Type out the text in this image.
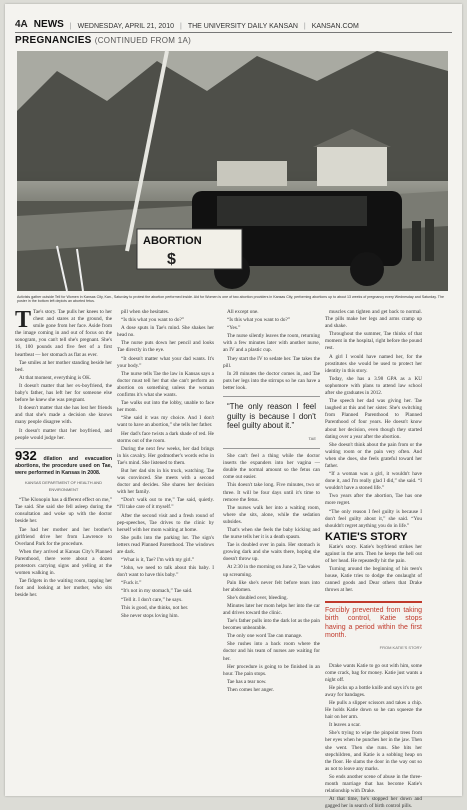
4A NEWS | WEDNESDAY, APRIL 21, 2010 | THE UNIVERSITY DAILY KANSAN | KANSAN.COM
PREGNANCIES (CONTINUED FROM 1A)
ABORTION
$
Activists gather outside Tell for Women in Kansas City, Kan., Saturday to protest the abortion performed inside. Aid for Women is one of two abortion providers in Kansas City, performing abortions up to about 13 weeks of pregnancy every Wednesday and Saturday. The poster in the bottom left depicts an aborted fetus.

T Tae's story. Tae pulls her knees to her chest and stares at the ground, the smile gone from her face. Aside from the image coming in and out of focus on the sonogram, you can't tell she's pregnant. She's 16, 100 pounds and five feet of a first heartbeat — her stomach as flat as ever.

Tae smiles at her mother standing beside her bed.

At that moment, everything is OK.

It doesn't matter that her ex-boyfriend, the baby's father, has left her for someone else before he knew she was pregnant.

It doesn't matter that she has lost her friends and that she's made a decision she knows many people disagree with.

It doesn't matter that her boyfriend, and people would judge her.

932 dilation and evacuation abortions, the procedure used on Tae, were performed in Kansas in 2008.
KANSAS DEPARTMENT OF HEALTH AND ENVIRONMENT

“The Klonopin has a different effect on me,” Tae said. She said she fell asleep during the consultation and woke up with the doctor beside her.

Tae had her mother and her brother's girlfriend drive her from Lawrence to Overland Park for the procedure.

When they arrived at Kansas City's Planned Parenthood, there were about a dozen protestors carrying signs and yelling at the women walking in.

Tae fidgets in the waiting room, tapping her foot and looking at her mother, who sits beside her.

pill when she hesitates.

“Is this what you want to do?”

A dose sputs in Tae's mind. She shakes her head no.

The nurse puts down her pencil and looks Tae directly in the eye.

“It doesn't matter what your dad wants. It's your body.”

The nurse tells Tae the law in Kansas says a doctor must tell her that she can't perform an abortion on something unless the woman confirms it's what she wants.

Tae walks out into the lobby, unable to face her mom.

“She said it was my choice. And I don't want to have an abortion,” she tells her father.

Her dad's face twists a dark shade of red. He storms out of the room.

During the next few weeks, her dad brings in his cavalry. Her godmother's words echo in Tae's mind. She listened to them.

But her dad sits in his truck, watching. Tae was convinced. She meets with a second doctor and decides. She shares her decision with her family.

“Don't walk out to me,” Tae said, quietly. “I'll take care of it myself.”

After the second visit and a fresh round of pep-speeches, Tae drives to the clinic by herself with her mom waiting at home.

She pulls into the parking lot. The sign's letters read Planned Parenthood. The windows are dark.

“What is it, Tae? I'm with my girl.”

“John, we need to talk about this baby. I don't want to have this baby.”

“Fuck it.”

“It's not in my stomach,” Tae said.

“Tell it. I don't care,” he says.

This is good, she thinks, not her.

She never stops loving him.

All except one.

“Is this what you want to do?”

“Yes.”

The nurse silently leaves the room, returning with a few minutes later with another nurse, an IV and a plastic cup.

They start the IV to sedate her. Tae takes the pill.

In 20 minutes the doctor comes in, and Tae puts her legs into the stirrups so he can have a better look.

“The only reason I feel guilty is because I don't feel guilty about it.”
TAE

She can't feel a thing while the doctor inserts the expanders into her vagina — double the normal amount so the fetus can come out easier.

This doesn't take long. Five minutes, two or three. It will be four days until it's time to remove the fetus.

The nurses walk her into a waiting room, where she sits, alone, while the sedation subsides.

That's when she feels the baby kicking and the nurse tells her it is a death spasm.

Tae is doubled over in pain. Her stomach is growing dark and she waits there, hoping she doesn't throw up.

At 2:30 in the morning on June 2, Tae wakes up screaming.

Pain like she's never felt before tears into her abdomen.

She's doubled over, bleeding.

Minutes later her mom helps her into the car and drives toward the clinic.

Tae's father pulls into the dark lot as the pain becomes unbearable.

The only one word Tae can manage.

She rushes into a back room where the doctor and his team of nurses are waiting for her.

Her procedure is going to be finished in an hour. The pain stops.

Tae has a tear now.

Then comes her anger.

muscles can tighten and get back to normal. The pills make her legs and arms cramp up and shake.

Throughout the summer, Tae thinks of that moment in the hospital, right before the pound rest.

A girl I would have named her, for the prostitutes she would be used to protect her identity in this story.

Today, she has a 3.98 GPA as a KU sophomore with plans to attend law school after she graduates in 2012.

The speech her dad was giving her. Tae laughed at this and her sister. She's switching from Planned Parenthood to Planned Parenthood of four years. He doesn't know about her decision, even though they started dating over a year after the abortion.

She doesn't think about the pain from or the waiting room or the pain very often. And when she does, she feels grateful toward her father.

“If a woman was a girl, it wouldn't have done it, and I'm really glad I did,” she said. “I wouldn't have a stoned life.”

Two years after the abortion, Tae has one more regret.

“The only reason I feel guilty is because I don't feel guilty about it,” she said. “You shouldn't regret anything you do in life.”

KATIE'S STORY

Katie's story. Katie's boyfriend strikes her against in the arm. Then he keeps the hell out of her head. He repeatedly hit the pain.

Turning around the beginning of his teen's house, Katie tries to dodge the onslaught of canned goods and Dear others that Drake throws at her.

Forcibly prevented from taking birth control, Katie stops having a period within the first month.
FROM KATIE'S STORY

Drake wants Katie to go out with him, some come crack, bag for money. Katie just wants a night off.

He picks up a bottle knife and says it's to get away for bandages.

He pulls a slipper scissors and takes a chip. He holds Katie down so he can squeeze the hair on her arm.

It leaves a scar.

She's trying to wipe the pinpoint trees from her eyes when he punches her in the jaw. Then she went. Then she runs. She hits her stepchildren, and Katie is a sobbing heap on the floor. He slams the door in the way out so as not to leave any marks.

So ends another scene of abuse in the three-month marriage that has become Katie's relationship with Drake.

At that time, he's stopped her down and gagged her in search of birth control pills.
